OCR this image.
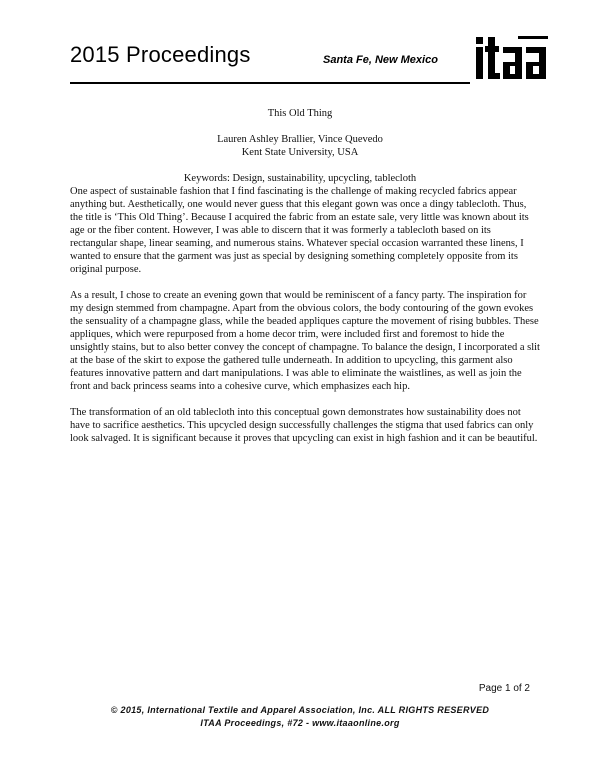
2015 Proceedings	Santa Fe, New Mexico
This Old Thing
Lauren Ashley Brallier, Vince Quevedo
Kent State University, USA
Keywords: Design, sustainability, upcycling, tablecloth

One aspect of sustainable fashion that I find fascinating is the challenge of making recycled fabrics appear anything but. Aesthetically, one would never guess that this elegant gown was once a dingy tablecloth. Thus, the title is ‘This Old Thing’. Because I acquired the fabric from an estate sale, very little was known about its age or the fiber content. However, I was able to discern that it was formerly a tablecloth based on its rectangular shape, linear seaming, and numerous stains. Whatever special occasion warranted these linens, I wanted to ensure that the garment was just as special by designing something completely opposite from its original purpose.

As a result, I chose to create an evening gown that would be reminiscent of a fancy party. The inspiration for my design stemmed from champagne. Apart from the obvious colors, the body contouring of the gown evokes the sensuality of a champagne glass, while the beaded appliques capture the movement of rising bubbles. These appliques, which were repurposed from a home decor trim, were included first and foremost to hide the unsightly stains, but to also better convey the concept of champagne. To balance the design, I incorporated a slit at the base of the skirt to expose the gathered tulle underneath. In addition to upcycling, this garment also features innovative pattern and dart manipulations. I was able to eliminate the waistlines, as well as join the front and back princess seams into a cohesive curve, which emphasizes each hip.

The transformation of an old tablecloth into this conceptual gown demonstrates how sustainability does not have to sacrifice aesthetics. This upcycled design successfully challenges the stigma that used fabrics can only look salvaged. It is significant because it proves that upcycling can exist in high fashion and it can be beautiful.

Page 1 of 2
© 2015, International Textile and Apparel Association, Inc. ALL RIGHTS RESERVED
ITAA Proceedings, #72 - www.itaaonline.org
